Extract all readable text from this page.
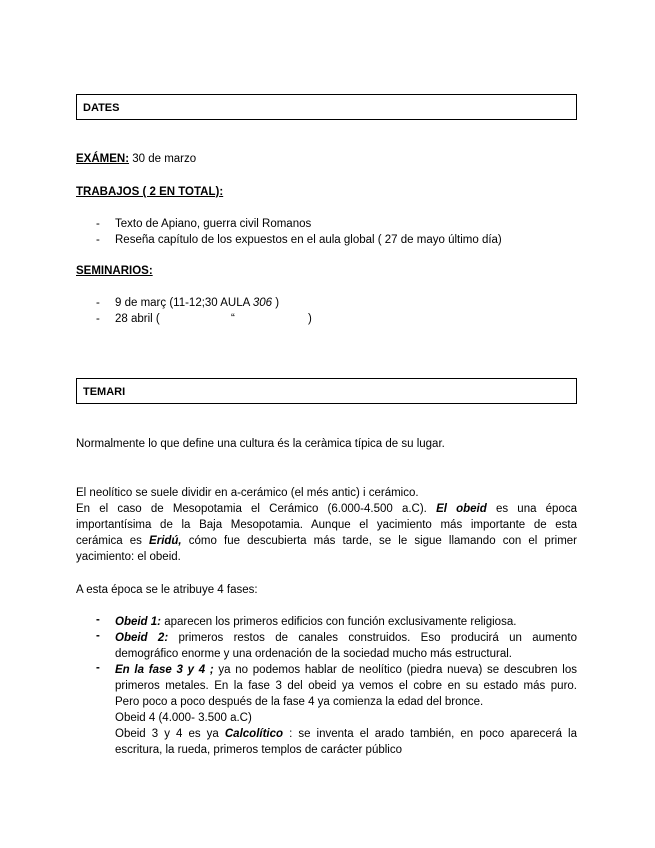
DATES
EXÁMEN: 30 de marzo
TRABAJOS ( 2 EN TOTAL):
- Texto de Apiano, guerra civil Romanos
- Reseña capítulo de los expuestos en el aula global ( 27 de mayo último día)
SEMINARIOS:
- 9 de març (11-12;30 AULA 306 )
- 28 abril (	“	)
TEMARI
Normalmente lo que define una cultura és la ceràmica típica de su lugar.
El neolítico se suele dividir en a-cerámico (el més antic) i cerámico.
En el caso de Mesopotamia el Cerámico (6.000-4.500 a.C). El obeid es una época
importantísima de la Baja Mesopotamia. Aunque el yacimiento más importante de esta
cerámica es Eridú, cómo fue descubierta más tarde, se le sigue llamando con el primer
yacimiento: el obeid.
A esta época se le atribuye 4 fases:
- Obeid 1: aparecen los primeros edificios con función exclusivamente religiosa.
- Obeid 2: primeros restos de canales construidos. Eso producirá un aumento
demográfico enorme y una ordenación de la sociedad mucho más estructural.
- En la fase 3 y 4 ; ya no podemos hablar de neolítico (piedra nueva) se descubren los
primeros metales. En la fase 3 del obeid ya vemos el cobre en su estado más puro.
Pero poco a poco después de la fase 4 ya comienza la edad del bronce.
Obeid 4 (4.000- 3.500 a.C)
Obeid 3 y 4 es ya Calcolítico : se inventa el arado también, en poco aparecerá la
escritura, la rueda, primeros templos de carácter público
